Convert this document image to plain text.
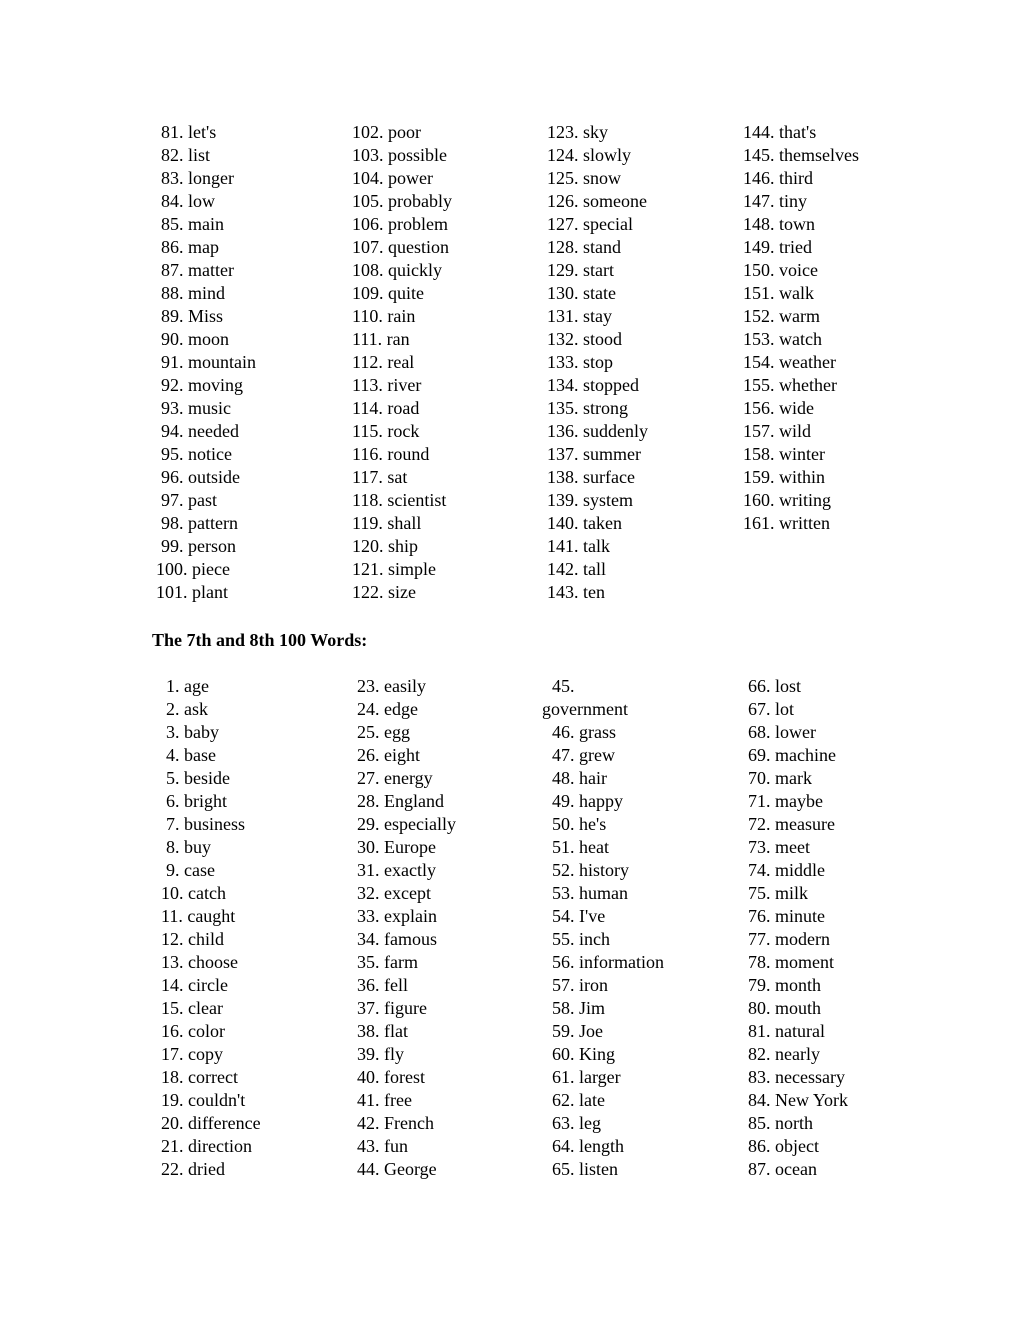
81. let's
82. list
83. longer
84. low
85. main
86. map
87. matter
88. mind
89. Miss
90. moon
91. mountain
92. moving
93. music
94. needed
95. notice
96. outside
97. past
98. pattern
99. person
100. piece
101. plant
102. poor
103. possible
104. power
105. probably
106. problem
107. question
108. quickly
109. quite
110. rain
111. ran
112. real
113. river
114. road
115. rock
116. round
117. sat
118. scientist
119. shall
120. ship
121. simple
122. size
123. sky
124. slowly
125. snow
126. someone
127. special
128. stand
129. start
130. state
131. stay
132. stood
133. stop
134. stopped
135. strong
136. suddenly
137. summer
138. surface
139. system
140. taken
141. talk
142. tall
143. ten
144. that's
145. themselves
146. third
147. tiny
148. town
149. tried
150. voice
151. walk
152. warm
153. watch
154. weather
155. whether
156. wide
157. wild
158. winter
159. within
160. writing
161. written
The 7th and 8th 100 Words:
1. age
2. ask
3. baby
4. base
5. beside
6. bright
7. business
8. buy
9. case
10. catch
11. caught
12. child
13. choose
14. circle
15. clear
16. color
17. copy
18. correct
19. couldn't
20. difference
21. direction
22. dried
23. easily
24. edge
25. egg
26. eight
27. energy
28. England
29. especially
30. Europe
31. exactly
32. except
33. explain
34. famous
35. farm
36. fell
37. figure
38. flat
39. fly
40. forest
41. free
42. French
43. fun
44. George
45.
government
46. grass
47. grew
48. hair
49. happy
50. he's
51. heat
52. history
53. human
54. I've
55. inch
56. information
57. iron
58. Jim
59. Joe
60. King
61. larger
62. late
63. leg
64. length
65. listen
66. lost
67. lot
68. lower
69. machine
70. mark
71. maybe
72. measure
73. meet
74. middle
75. milk
76. minute
77. modern
78. moment
79. month
80. mouth
81. natural
82. nearly
83. necessary
84. New York
85. north
86. object
87. ocean
